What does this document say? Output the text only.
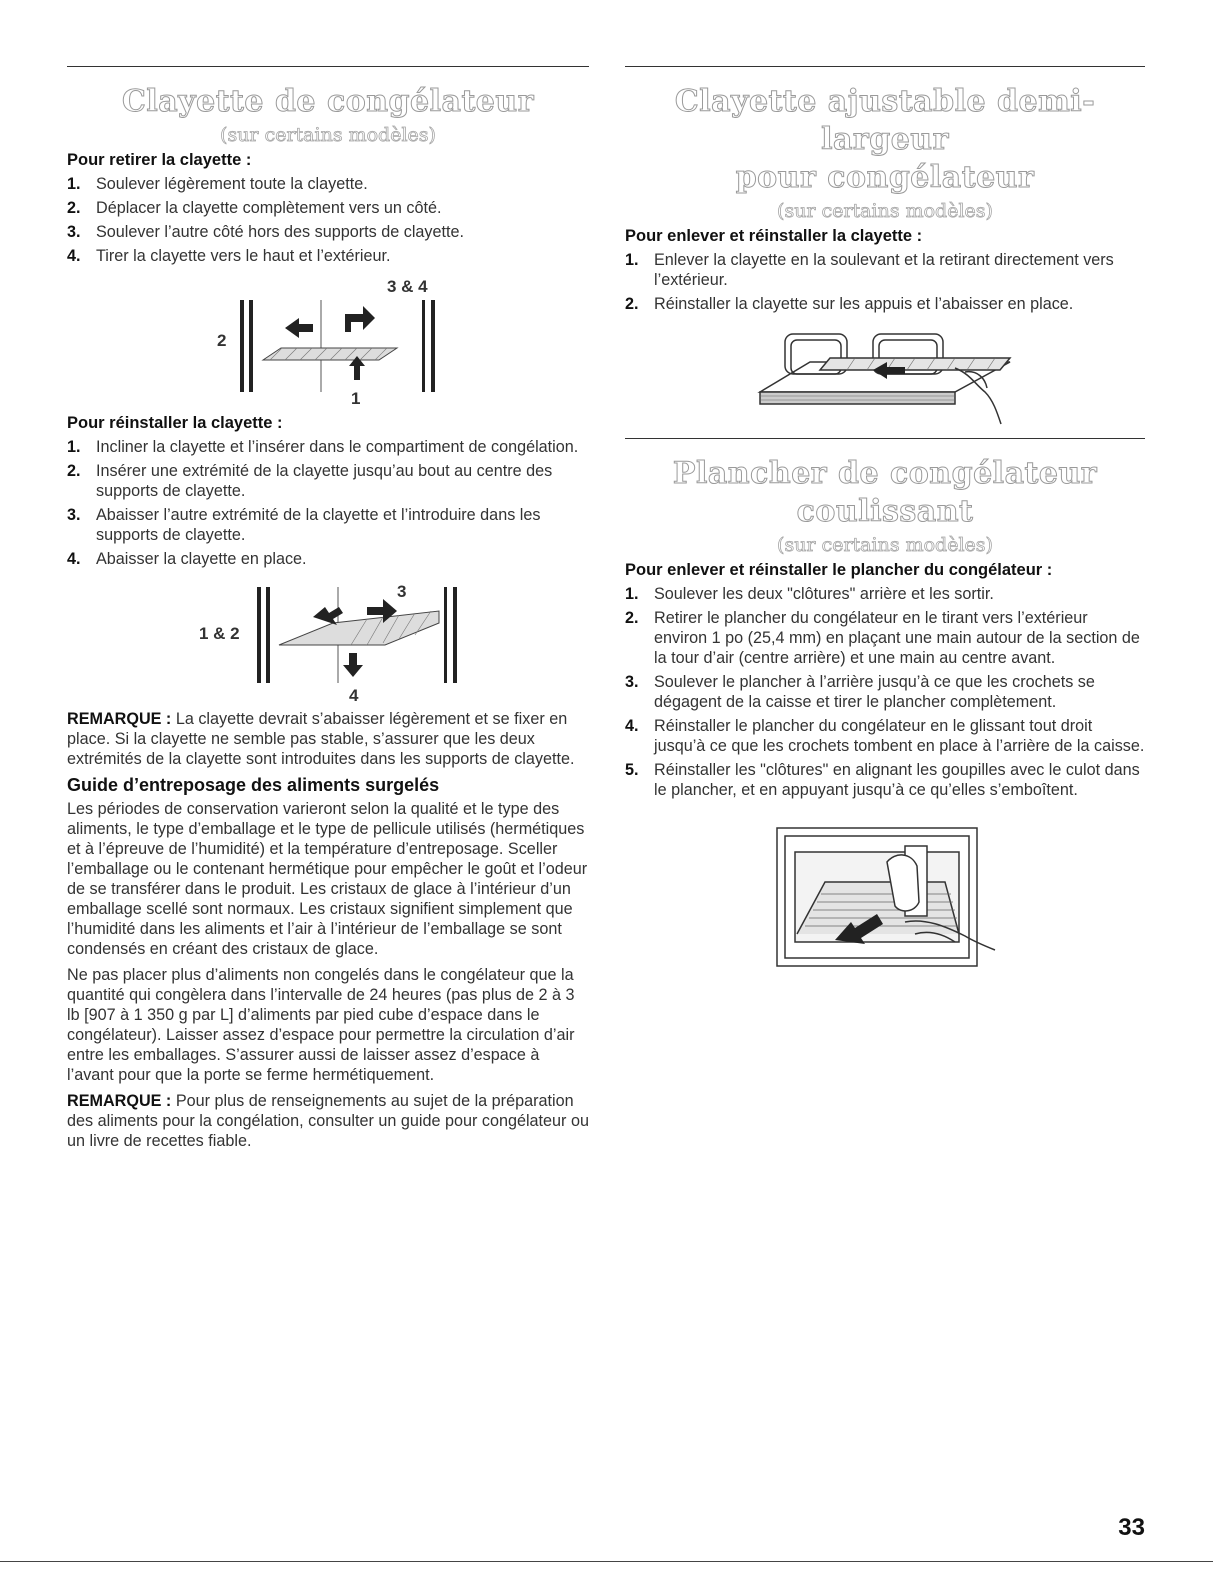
Clayette de congélateur
(sur certains modèles)
Pour retirer la clayette :
1. Soulever légèrement toute la clayette.
2. Déplacer la clayette complètement vers un côté.
3. Soulever l’autre côté hors des supports de clayette.
4. Tirer la clayette vers le haut et l’extérieur.
3 & 4
2
1
Pour réinstaller la clayette :
1. Incliner la clayette et l’insérer dans le compartiment de congélation.
2. Insérer une extrémité de la clayette jusqu’au bout au centre des supports de clayette.
3. Abaisser l’autre extrémité de la clayette et l’introduire dans les supports de clayette.
4. Abaisser la clayette en place.
3
1 & 2
4

REMARQUE : La clayette devrait s’abaisser légèrement et se fixer en place. Si la clayette ne semble pas stable, s’assurer que les deux extrémités de la clayette sont introduites dans les supports de clayette.

Guide d’entreposage des aliments surgelés

Les périodes de conservation varieront selon la qualité et le type des aliments, le type d’emballage et le type de pellicule utilisés (hermétiques et à l’épreuve de l’humidité) et la température d’entreposage. Sceller l’emballage ou le contenant hermétique pour empêcher le goût et l’odeur de se transférer dans le produit. Les cristaux de glace à l’intérieur d’un emballage scellé sont normaux. Les cristaux signifient simplement que l’humidité dans les aliments et l’air à l’intérieur de l’emballage se sont condensés en créant des cristaux de glace.

Ne pas placer plus d’aliments non congelés dans le congélateur que la quantité qui congèlera dans l’intervalle de 24 heures (pas plus de 2 à 3 lb [907 à 1 350 g par L] d’aliments par pied cube d’espace dans le congélateur). Laisser assez d’espace pour permettre la circulation d’air entre les emballages. S’assurer aussi de laisser assez d’espace à l’avant pour que la porte se ferme hermétiquement.

REMARQUE : Pour plus de renseignements au sujet de la préparation des aliments pour la congélation, consulter un guide pour congélateur ou un livre de recettes fiable.

Clayette ajustable demi-largeur
pour congélateur
(sur certains modèles)
Pour enlever et réinstaller la clayette :
1. Enlever la clayette en la soulevant et la retirant directement vers l’extérieur.
2. Réinstaller la clayette sur les appuis et l’abaisser en place.
Plancher de congélateur coulissant
(sur certains modèles)
Pour enlever et réinstaller le plancher du congélateur :
1. Soulever les deux "clôtures" arrière et les sortir.
2. Retirer le plancher du congélateur en le tirant vers l’extérieur environ 1 po (25,4 mm) en plaçant une main autour de la section de la tour d’air (centre arrière) et une main au centre avant.
3. Soulever le plancher à l’arrière jusqu’à ce que les crochets se dégagent de la caisse et tirer le plancher complètement.
4. Réinstaller le plancher du congélateur en le glissant tout droit jusqu’à ce que les crochets tombent en place à l’arrière de la caisse.
5. Réinstaller les "clôtures" en alignant les goupilles avec le culot dans le plancher, et en appuyant jusqu’à ce qu’elles s’emboîtent.
33
